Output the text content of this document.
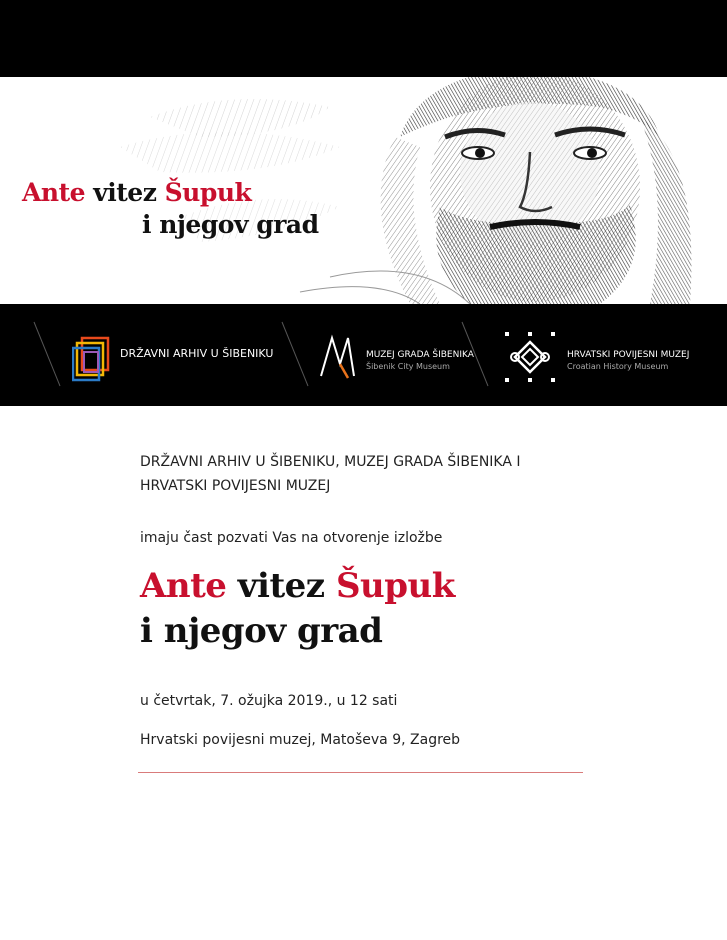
Ante vitez Šupuk
i njegov grad
DRŽAVNI ARHIV U ŠIBENIKU	MUZEJ GRADA ŠIBENIKA
Šibenik City Museum
HRVATSKI POVIJESNI MUZEJ
Croatian History Museum
DRŽAVNI ARHIV U ŠIBENIKU, MUZEJ GRADA ŠIBENIKA I
HRVATSKI POVIJESNI MUZEJ
imaju čast pozvati Vas na otvorenje izložbe
Ante vitez Šupuk
i njegov grad
u četvrtak, 7. ožujka 2019., u 12 sati
Hrvatski povijesni muzej, Matoševa 9, Zagreb
